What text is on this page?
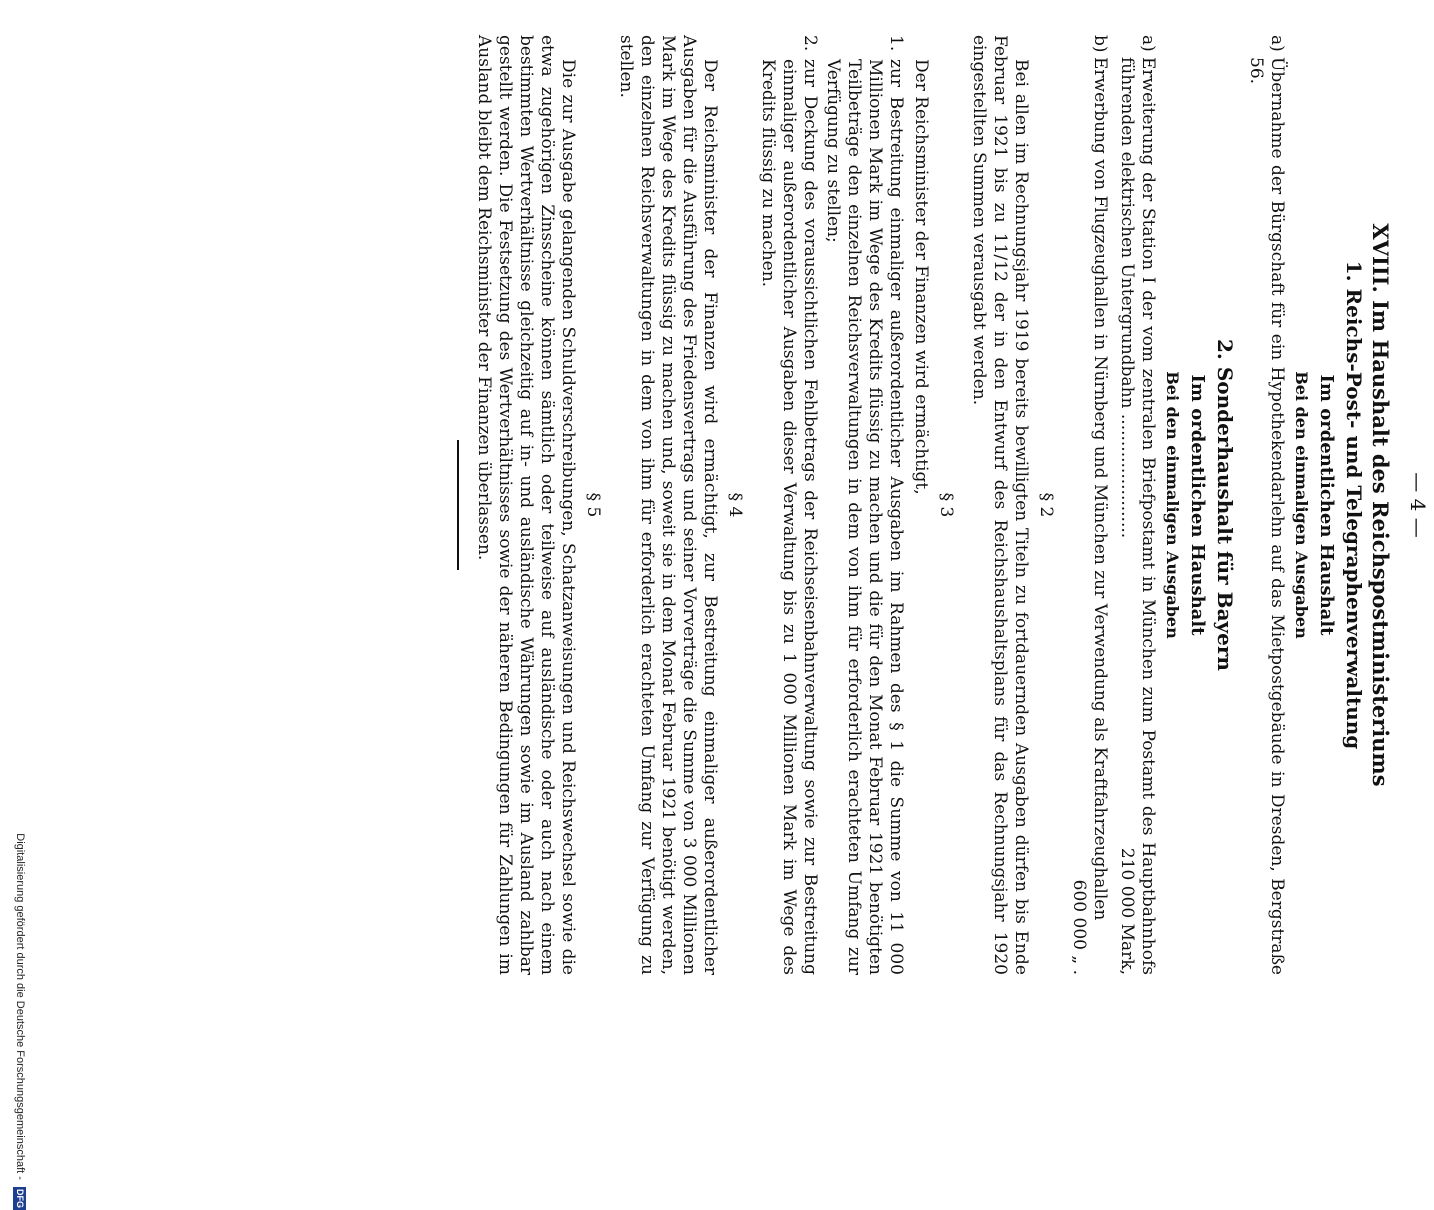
Digitalisierung gefördert durch die Deutsche Forschungsgemeinschaft - DFG
— 4 —
XVIII. Im Haushalt des Reichspostministeriums
1. Reichs-Post- und Telegraphenverwaltung
Im ordentlichen Haushalt
Bei den einmaligen Ausgaben
a)
Übernahme der Bürgschaft für ein Hypothekendarlehn auf das Mietpostgebäude in Dresden, Bergstraße 56.
2. Sonderhaushalt für Bayern
Im ordentlichen Haushalt
Bei den einmaligen Ausgaben
a)
Erweiterung der Station I der vom zentralen Briefpostamt in München zum Postamt des Hauptbahnhofs führenden elektrischen Untergrundbahn .......................
210 000 Mark,
b)
Erwerbung von Flugzeughallen in Nürnberg und München zur Verwendung als Kraftfahrzeughallen
600 000 „ .
§ 2

Bei allen im Rechnungsjahr 1919 bereits bewilligten Titeln zu fortdauernden Ausgaben dürfen bis Ende Februar 1921 bis zu 11/12 der in den Entwurf des Reichshaushaltsplans für das Rechnungsjahr 1920 eingestellten Summen verausgabt werden.

§ 3

Der Reichsminister der Finanzen wird ermächtigt,

1.
zur Bestreitung einmaliger außerordentlicher Ausgaben im Rahmen des § 1 die Summe von 11 000 Millionen Mark im Wege des Kredits flüssig zu machen und die für den Monat Februar 1921 benötigten Teilbeträge den einzelnen Reichsverwaltungen in dem von ihm für erforderlich erachteten Umfang zur Verfügung zu stellen;
2.
zur Deckung des voraussichtlichen Fehlbetrags der Reichseisenbahnverwaltung sowie zur Bestreitung einmaliger außerordentlicher Ausgaben dieser Verwaltung bis zu 1 000 Millionen Mark im Wege des Kredits flüssig zu machen.
§ 4

Der Reichsminister der Finanzen wird ermächtigt, zur Bestreitung einmaliger außerordentlicher Ausgaben für die Ausführung des Friedensvertrags und seiner Vorverträge die Summe von 3 000 Millionen Mark im Wege des Kredits flüssig zu machen und, soweit sie in dem Monat Februar 1921 benötigt werden, den einzelnen Reichsverwaltungen in dem von ihm für erforderlich erachteten Umfang zur Verfügung zu stellen.

§ 5

Die zur Ausgabe gelangenden Schuldverschreibungen, Schatzanweisungen und Reichswechsel sowie die etwa zugehörigen Zinsscheine können sämtlich oder teilweise auf ausländische oder auch nach einem bestimmten Wertverhältnisse gleichzeitig auf in- und ausländische Währungen sowie im Ausland zahlbar gestellt werden. Die Festsetzung des Wertverhältnisses sowie der näheren Bedingungen für Zahlungen im Ausland bleibt dem Reichsminister der Finanzen überlassen.
